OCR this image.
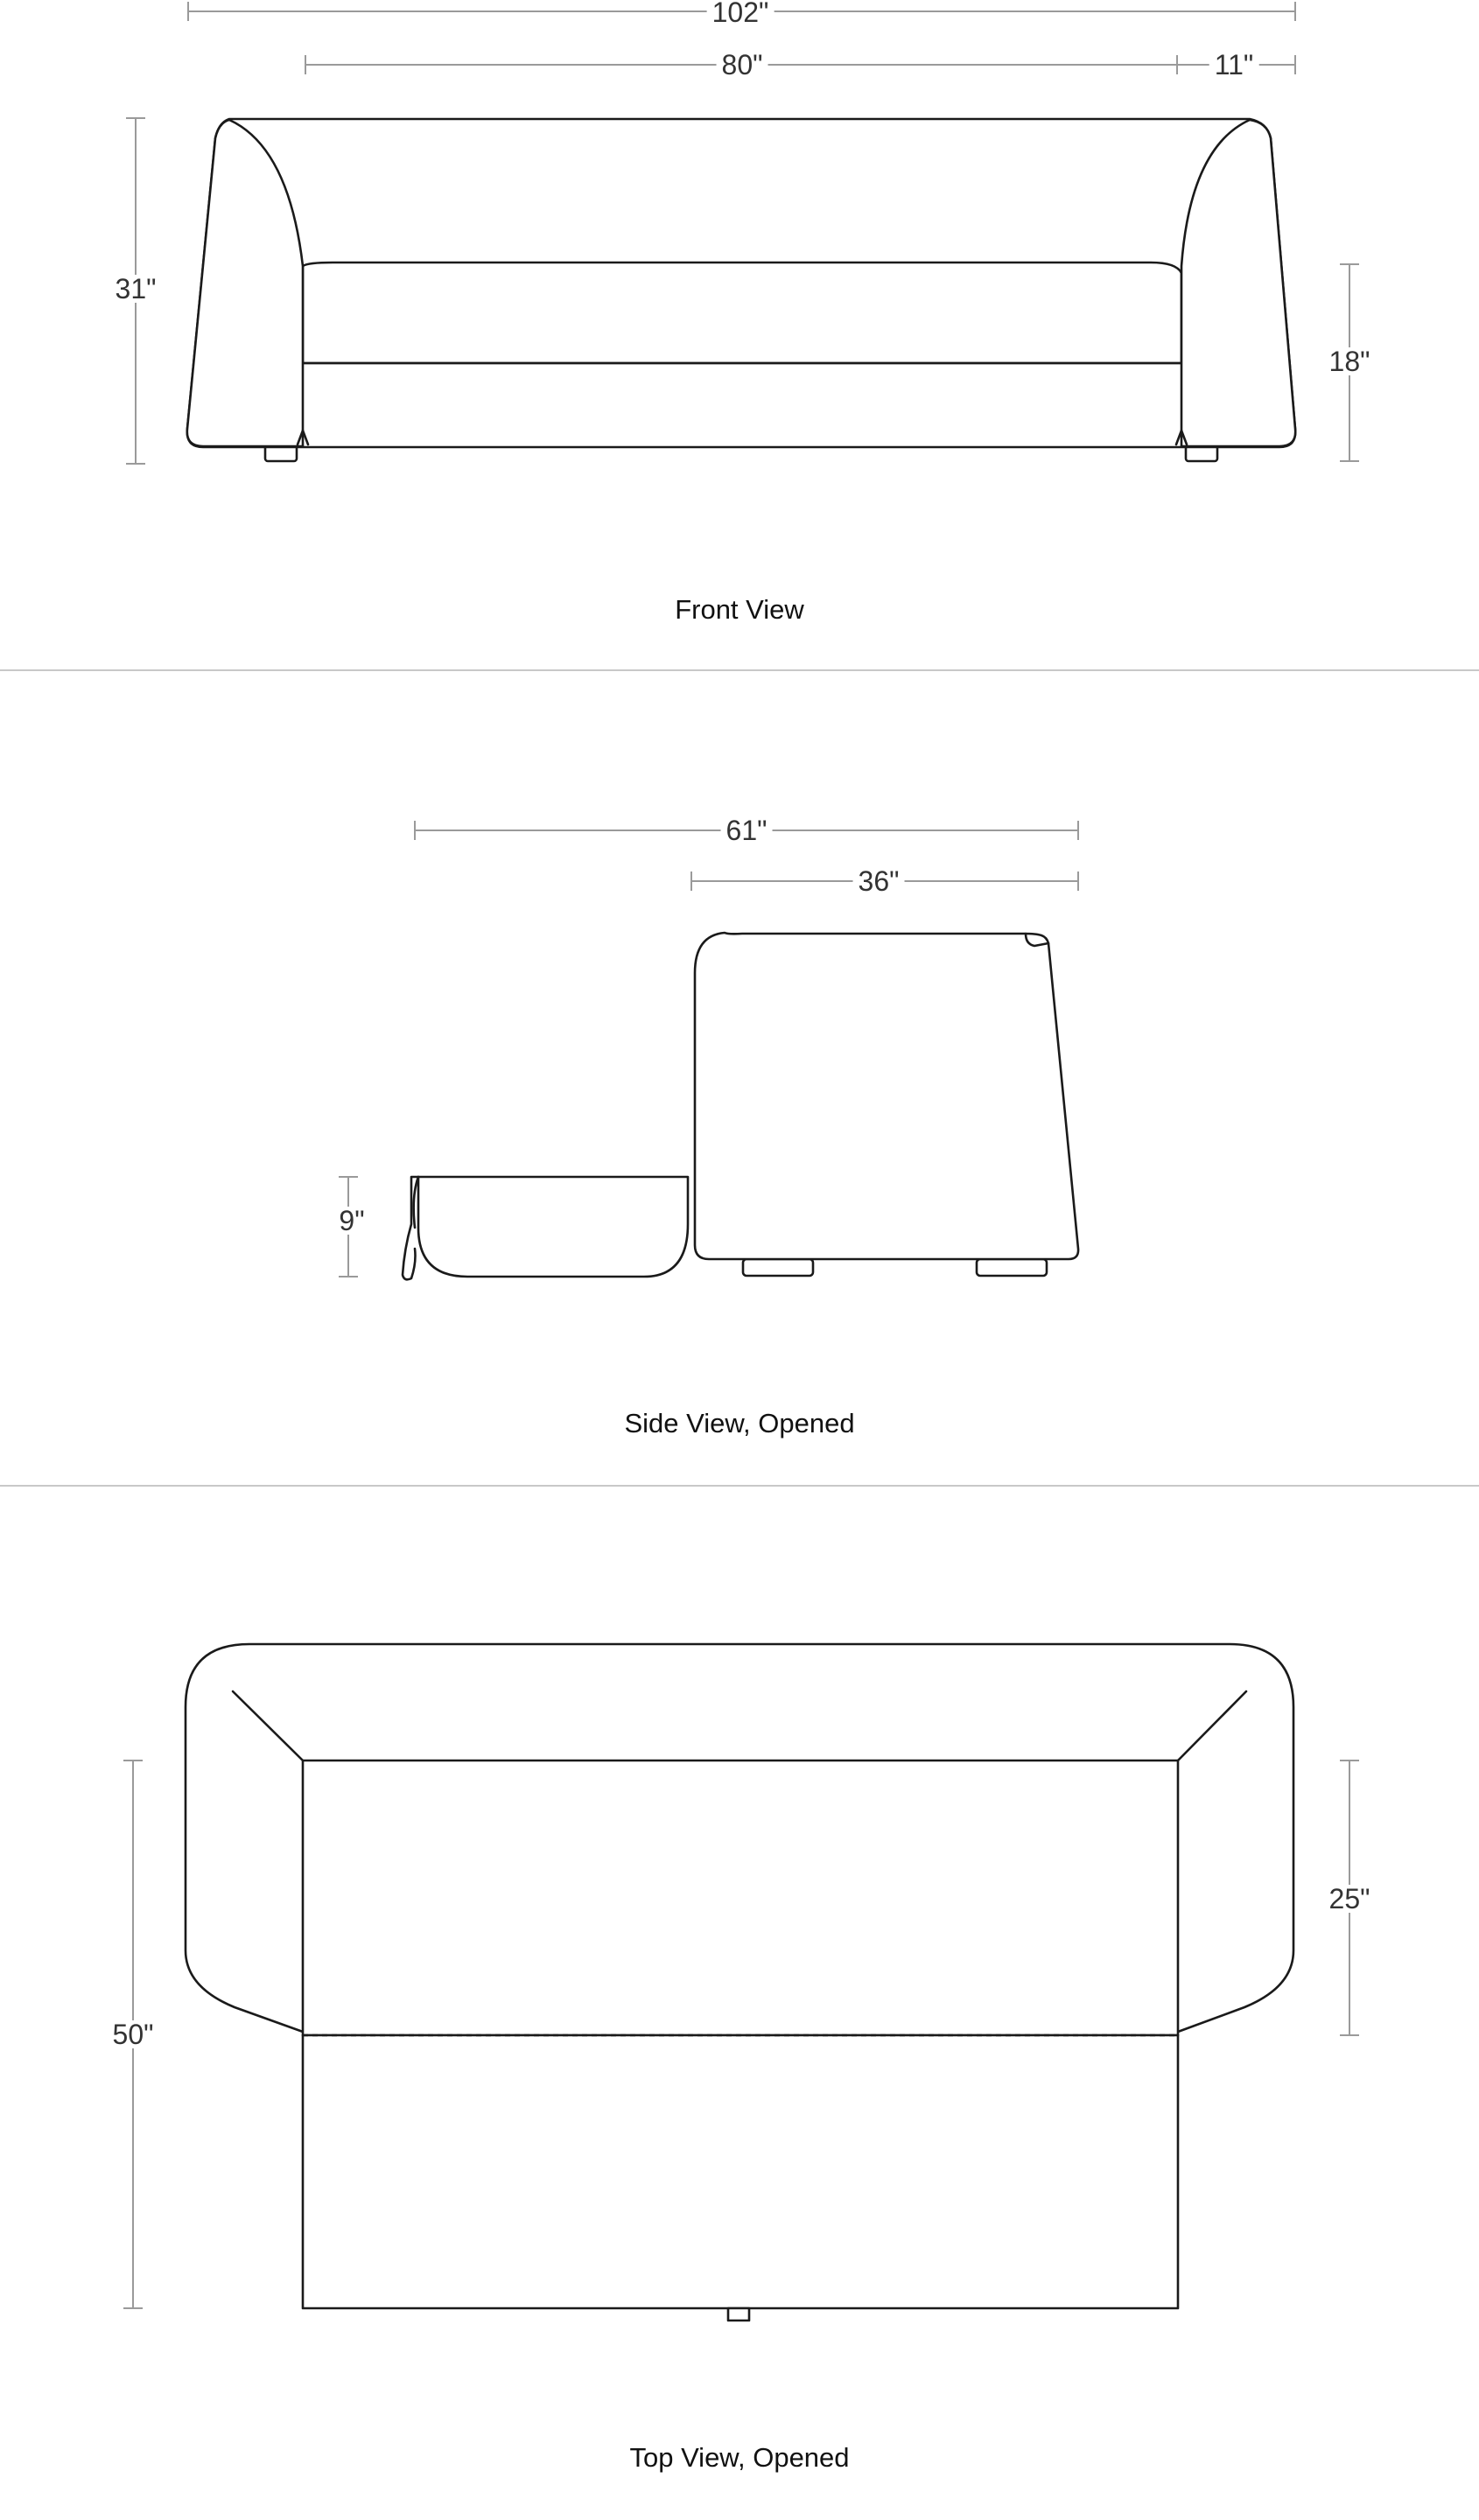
102"
80"	11"
31"
18"
Front View
61"
36"
9"
Side View, Opened
50"
25"
Top View, Opened
